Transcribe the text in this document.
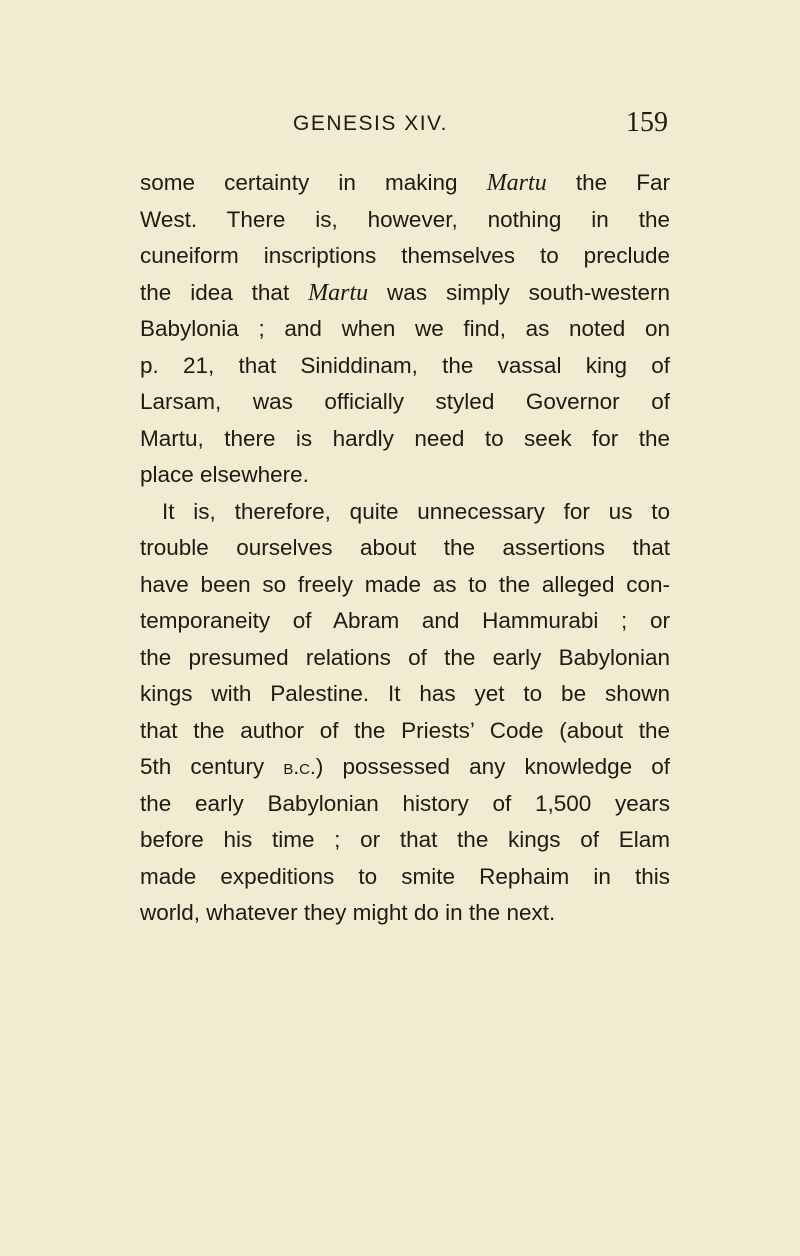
GENESIS XIV.	159
some certainty in making Martu the Far
West. There is, however, nothing in the
cuneiform inscriptions themselves to preclude
the idea that Martu was simply south-western
Babylonia ; and when we find, as noted on
p. 21, that Siniddinam, the vassal king of
Larsam, was officially styled Governor of
Martu, there is hardly need to seek for the
place elsewhere.
It is, therefore, quite unnecessary for us to
trouble ourselves about the assertions that
have been so freely made as to the alleged con-
temporaneity of Abram and Hammurabi ; or
the presumed relations of the early Babylonian
kings with Palestine. It has yet to be shown
that the author of the Priests’ Code (about the
5th century b.c.) possessed any knowledge of
the early Babylonian history of 1,500 years
before his time ; or that the kings of Elam
made expeditions to smite Rephaim in this
world, whatever they might do in the next.
